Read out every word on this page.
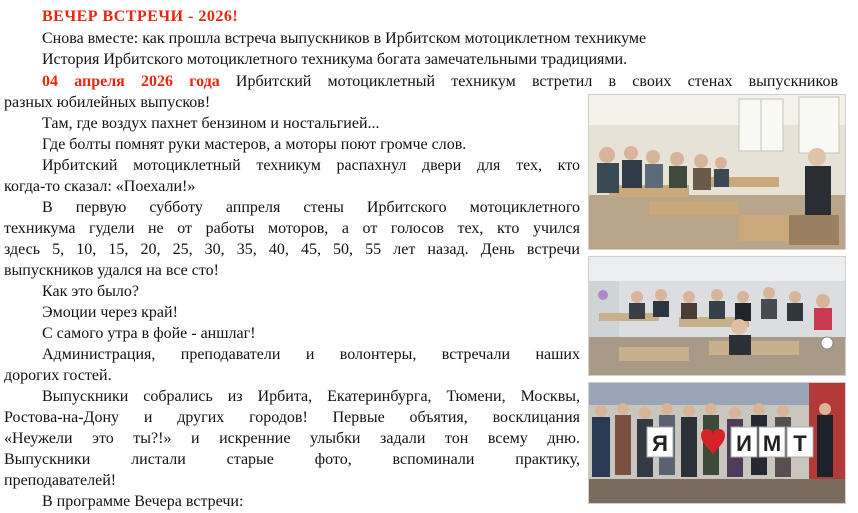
ВЕЧЕР ВСТРЕЧИ - 2026!
Снова вместе: как прошла встреча выпускников в Ирбитском мотоциклетном техникуме
История Ирбитского мотоциклетного техникума богата замечательными традициями.
04 апреля 2026 года Ирбитский мотоциклетный техникум встретил в своих стенах выпускников
разных юбилейных выпусков!
Там, где воздух пахнет бензином и ностальгией...
Где болты помнят руки мастеров, а моторы поют громче слов.
Ирбитский мотоциклетный техникум распахнул двери для тех, кто
когда-то сказал: «Поехали!»
В первую субботу аппреля стены Ирбитского мотоциклетного
техникума гудели не от работы моторов, а от голосов тех, кто учился
здесь 5, 10, 15, 20, 25, 30, 35, 40, 45, 50, 55 лет назад. День встречи
выпускников удался на все сто!
Как это было?
Эмоции через край!
С самого утра в фойе - аншлаг!
Администрация, преподаватели и волонтеры, встречали наших
дорогих гостей.
Выпускники собрались из Ирбита, Екатеринбурга, Тюмени, Москвы,
Ростова-на-Дону и других городов! Первые объятия, восклицания
«Неужели это ты?!» и искренние улыбки задали тон всему дню.
Выпускники листали старые фото, вспоминали практику,
преподавателей!
В программе Вечера встречи:
Я	И М Т
